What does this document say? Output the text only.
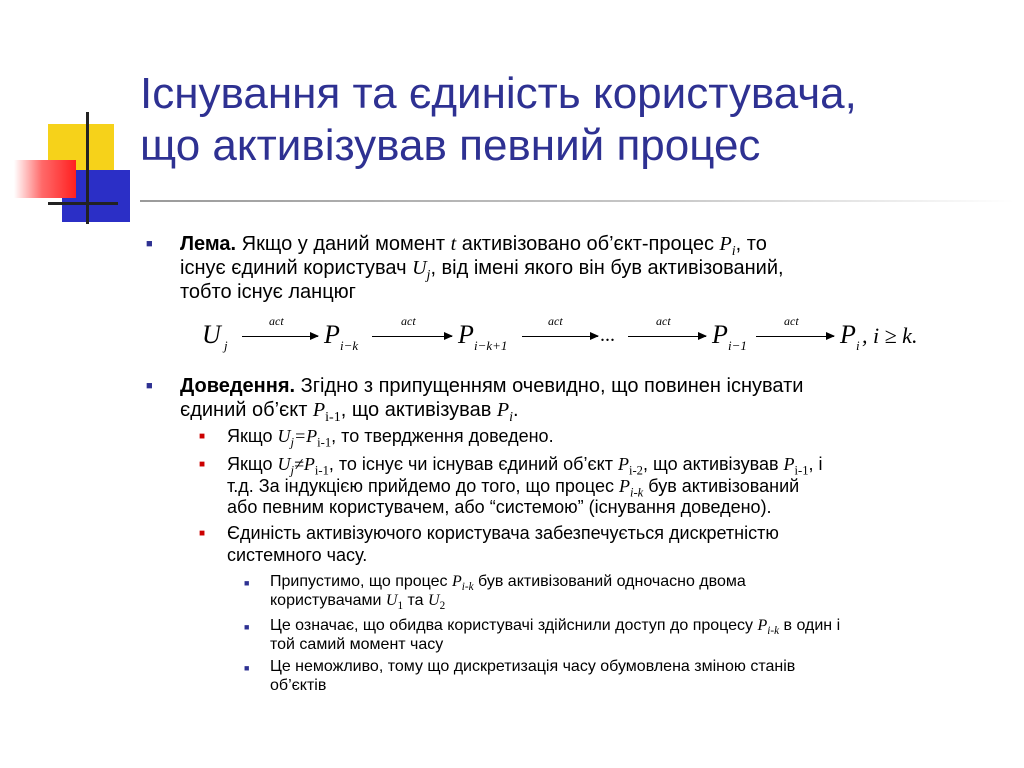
Існування та єдиність користувача,
що активізував певний процес
■ Лема. Якщо у даний момент t активізовано об’єкт-процес $P_i$, то
існує єдиний користувач $U_j$, від імені якого він був активізований,
тобто існує ланцюг
U j
act P i−k
act P i−k+1
act
...
act P i−1
act P i , i ≥ k.
■ Доведення. Згідно з припущенням очевидно, що повинен існувати
єдиний об’єкт $P_{i-1}$, що активізував $P_i$.
■ Якщо $U_j=P_{i-1}$, то твердження доведено.
■ Якщо $U_j\ne P_{i-1}$, то існує чи існував єдиний об’єкт $P_{i-2}$, що активізував $P_{i-1}$, і
т.д. За індукцією прийдемо до того, що процес $P_{i-k}$ був активізований
або певним користувачем, або “системою” (існування доведено).
■ Єдиність активізуючого користувача забезпечується дискретністю
системного часу.
■ Припустимо, що процес $P_{i-k}$ був активізований одночасно двома
користувачами $U_1$ та $U_2$
■ Це означає, що обидва користувачі здійснили доступ до процесу $P_{i-k}$ в один і
той самий момент часу
■ Це неможливо, тому що дискретизація часу обумовлена зміною станів
об’єктів
